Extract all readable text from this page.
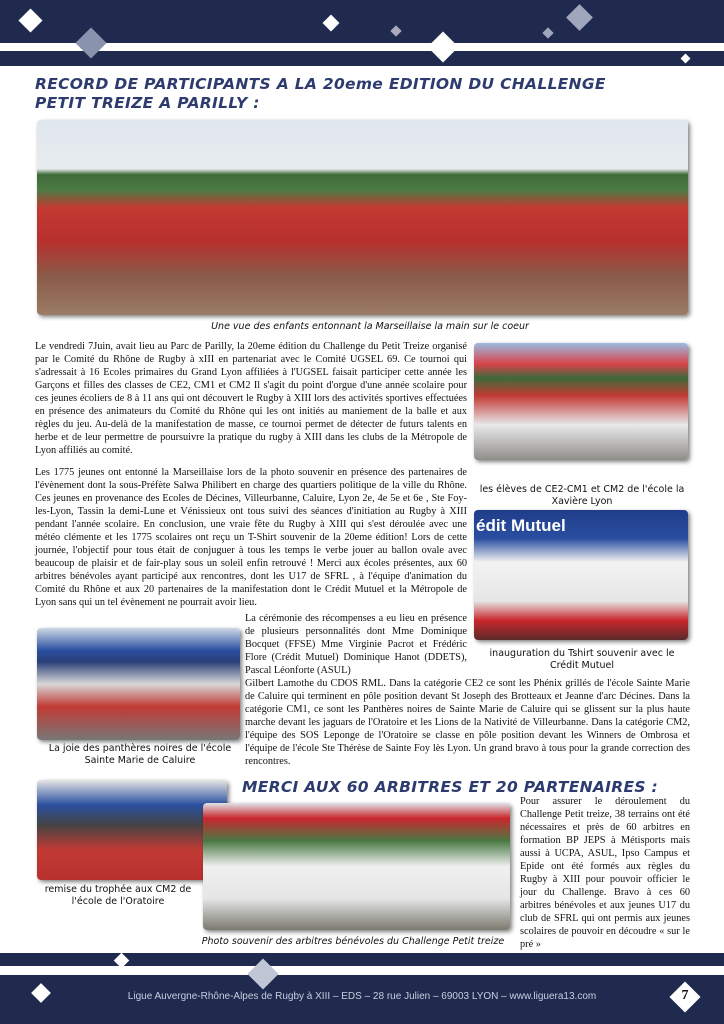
RECORD DE PARTICIPANTS A LA 20eme EDITION DU CHALLENGE
PETIT TREIZE A PARILLY :
Une vue des enfants entonnant la Marseillaise la main sur le coeur
Le vendredi 7Juin, avait lieu au Parc de Parilly, la 20eme édition du Challenge du Petit Treize organisé par le Comité du Rhône de Rugby à xIII en partenariat avec le Comité UGSEL 69. Ce tournoi qui s'adressait à 16 Ecoles primaires du Grand Lyon affiliées à l'UGSEL faisait participer cette année les Garçons et filles des classes de CE2, CM1 et CM2 Il s'agit du point d'orgue d'une année scolaire pour ces jeunes écoliers de 8 à 11 ans qui ont découvert le Rugby à XIII lors des activités sportives effectuées en présence des animateurs du Comité du Rhône qui les ont initiés au maniement de la balle et aux règles du jeu. Au-delà de la manifestation de masse, ce tournoi permet de détecter de futurs talents en herbe et de leur permettre de poursuivre la pratique du rugby à XIII dans les clubs de la Métropole de Lyon affiliés au comité.
Les 1775 jeunes ont entonné la Marseillaise lors de la photo souvenir en présence des partenaires de l'évènement dont la sous-Préfète Salwa Philibert en charge des quartiers politique de la ville du Rhône. Ces jeunes en provenance des Ecoles de Décines, Villeurbanne, Caluire, Lyon 2e, 4e 5e et 6e , Ste Foy-les-Lyon, Tassin la demi-Lune et Vénissieux ont tous suivi des séances d'initiation au Rugby à XIII pendant l'année scolaire. En conclusion, une vraie fête du Rugby à XIII qui s'est déroulée avec une météo clémente et les 1775 scolaires ont reçu un T-Shirt souvenir de la 20eme édition! Lors de cette journée, l'objectif pour tous était de conjuguer à tous les temps le verbe jouer au ballon ovale avec beaucoup de plaisir et de fair-play sous un soleil enfin retrouvé ! Merci aux écoles présentes, aux 60 arbitres bénévoles ayant participé aux rencontres, dont les U17 de SFRL , à l'équipe d'animation du Comité du Rhône et aux 20 partenaires de la manifestation dont le Crédit Mutuel et la Métropole de Lyon sans qui un tel évènement ne pourrait avoir lieu.
La cérémonie des récompenses a eu lieu en présence de plusieurs personnalités dont Mme Dominique Bocquet (FFSE) Mme Virginie Pacrot et Frédéric Flore (Crédit Mutuel) Dominique Hanot (DDETS), Pascal Léonforte (ASUL)
Gilbert Lamothe du CDOS RML. Dans la catégorie CE2 ce sont les Phénix grillés de l'école Sainte Marie de Caluire qui terminent en pôle position devant St Joseph des Brotteaux et Jeanne d'arc Décines. Dans la catégorie CM1, ce sont les Panthères noires de Sainte Marie de Caluire qui se glissent sur la plus haute marche devant les jaguars de l'Oratoire et les Lions de la Nativité de Villeurbanne. Dans la catégorie CM2, l'équipe des SOS Leponge de l'Oratoire se classe en pôle position devant les Winners de Ombrosa et l'équipe de l'école Ste Thérèse de Sainte Foy lès Lyon. Un grand bravo à tous pour la grande correction des rencontres.
les élèves de CE2-CM1 et CM2 de l'école la Xavière Lyon
édit Mutuel
inauguration du Tshirt souvenir avec le Crédit Mutuel
La joie des panthères noires de l'école Sainte Marie de Caluire
MERCI AUX 60 ARBITRES ET 20 PARTENAIRES :
remise du trophée aux CM2 de l'école de l'Oratoire
Photo souvenir des arbitres bénévoles du Challenge Petit treize
Pour assurer le déroulement du Challenge Petit treize, 38 terrains ont été nécessaires et près de 60 arbitres en formation BP JEPS à Métisports mais aussi à UCPA, ASUL, Ipso Campus et Epide ont été formés aux règles du Rugby à XIII pour pouvoir officier le jour du Challenge. Bravo à ces 60 arbitres bénévoles et aux jeunes U17 du club de SFRL qui ont permis aux jeunes scolaires de pouvoir en découdre « sur le pré »
Ligue Auvergne-Rhône-Alpes de Rugby à XIII – EDS – 28 rue Julien – 69003 LYON – www.liguera13.com	7
